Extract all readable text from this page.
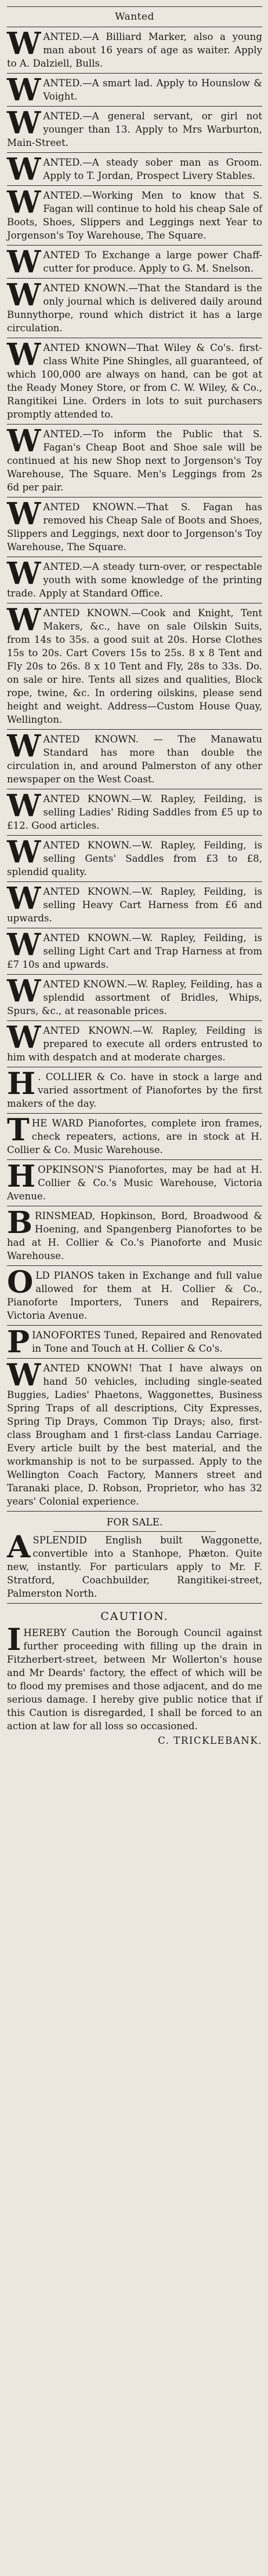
Wanted

WANTED.—A Billiard Marker, also a young man about 16 years of age as waiter. Apply to A. Dalziell, Bulls.

WANTED.—A smart lad. Apply to Hounslow & Voight.

WANTED.—A general servant, or girl not younger than 13. Apply to Mrs Warburton, Main-Street.

WANTED.—A steady sober man as Groom. Apply to T. Jordan, Prospect Livery Stables.

WANTED.—Working Men to know that S. Fagan will continue to hold his cheap Sale of Boots, Shoes, Slippers and Leggings next Year to Jorgenson's Toy Warehouse, The Square.

WANTED To Exchange a large power Chaff-cutter for produce. Apply to G. M. Snelson.

WANTED KNOWN.—That the Standard is the only journal which is delivered daily around Bunnythorpe, round which district it has a large circulation.

WANTED KNOWN—That Wiley & Co's. first-class White Pine Shingles, all guaranteed, of which 100,000 are always on hand, can be got at the Ready Money Store, or from C. W. Wiley, & Co., Rangitikei Line. Orders in lots to suit purchasers promptly attended to.

WANTED.—To inform the Public that S. Fagan's Cheap Boot and Shoe sale will be continued at his new Shop next to Jorgenson's Toy Warehouse, The Square. Men's Leggings from 2s 6d per pair.

WANTED KNOWN.—That S. Fagan has removed his Cheap Sale of Boots and Shoes, Slippers and Leggings, next door to Jorgenson's Toy Warehouse, The Square.

WANTED.—A steady turn-over, or respectable youth with some knowledge of the printing trade. Apply at Standard Office.

WANTED KNOWN.—Cook and Knight, Tent Makers, &c., have on sale Oilskin Suits, from 14s to 35s. a good suit at 20s. Horse Clothes 15s to 20s. Cart Covers 15s to 25s. 8 x 8 Tent and Fly 20s to 26s. 8 x 10 Tent and Fly, 28s to 33s. Do. on sale or hire. Tents all sizes and qualities, Block rope, twine, &c. In ordering oilskins, please send height and weight. Address—Custom House Quay, Wellington.

WANTED KNOWN. — The Manawatu Standard has more than double the circulation in, and around Palmerston of any other newspaper on the West Coast.

WANTED KNOWN.—W. Rapley, Feilding, is selling Ladies' Riding Saddles from £5 up to £12. Good articles.

WANTED KNOWN.—W. Rapley, Feilding, is selling Gents' Saddles from £3 to £8, splendid quality.

WANTED KNOWN.—W. Rapley, Feilding, is selling Heavy Cart Harness from £6 and upwards.

WANTED KNOWN.—W. Rapley, Feilding, is selling Light Cart and Trap Harness at from £7 10s and upwards.

WANTED KNOWN.—W. Rapley, Feilding, has a splendid assortment of Bridles, Whips, Spurs, &c., at reasonable prices.

WANTED KNOWN.—W. Rapley, Feilding is prepared to execute all orders entrusted to him with despatch and at moderate charges.

H . COLLIER & Co. have in stock a large and varied assortment of Pianofortes by the first makers of the day.

THE WARD Pianofortes, complete iron frames, check repeaters, actions, are in stock at H. Collier & Co. Music Warehouse.

HOPKINSON'S Pianofortes, may be had at H. Collier & Co.'s Music Warehouse, Victoria Avenue.

BRINSMEAD, Hopkinson, Bord, Broadwood & Hoening, and Spangenberg Pianofortes to be had at H. Collier & Co.'s Pianoforte and Music Warehouse.

OLD PIANOS taken in Exchange and full value allowed for them at H. Collier & Co., Pianoforte Importers, Tuners and Repairers, Victoria Avenue.

PIANOFORTES Tuned, Repaired and Renovated in Tone and Touch at H. Collier & Co's.

WANTED KNOWN! That I have always on hand 50 vehicles, including single-seated Buggies, Ladies' Phaetons, Waggonettes, Business Spring Traps of all descriptions, City Expresses, Spring Tip Drays, Common Tip Drays; also, first-class Brougham and 1 first-class Landau Carriage. Every article built by the best material, and the workmanship is not to be surpassed. Apply to the Wellington Coach Factory, Manners street and Taranaki place, D. Robson, Proprietor, who has 32 years' Colonial experience.

FOR SALE.

ASPLENDID English built Waggonette, convertible into a Stanhope, Phæton. Quite new, instantly. For particulars apply to Mr. F. Stratford, Coachbuilder, Rangitikei-street, Palmerston North.

CAUTION.

IHEREBY Caution the Borough Council against further proceeding with filling up the drain in Fitzherbert-street, between Mr Wollerton's house and Mr Deards' factory, the effect of which will be to flood my premises and those adjacent, and do me serious damage. I hereby give public notice that if this Caution is disregarded, I shall be forced to an action at law for all loss so occasioned.

C. TRICKLEBANK.
